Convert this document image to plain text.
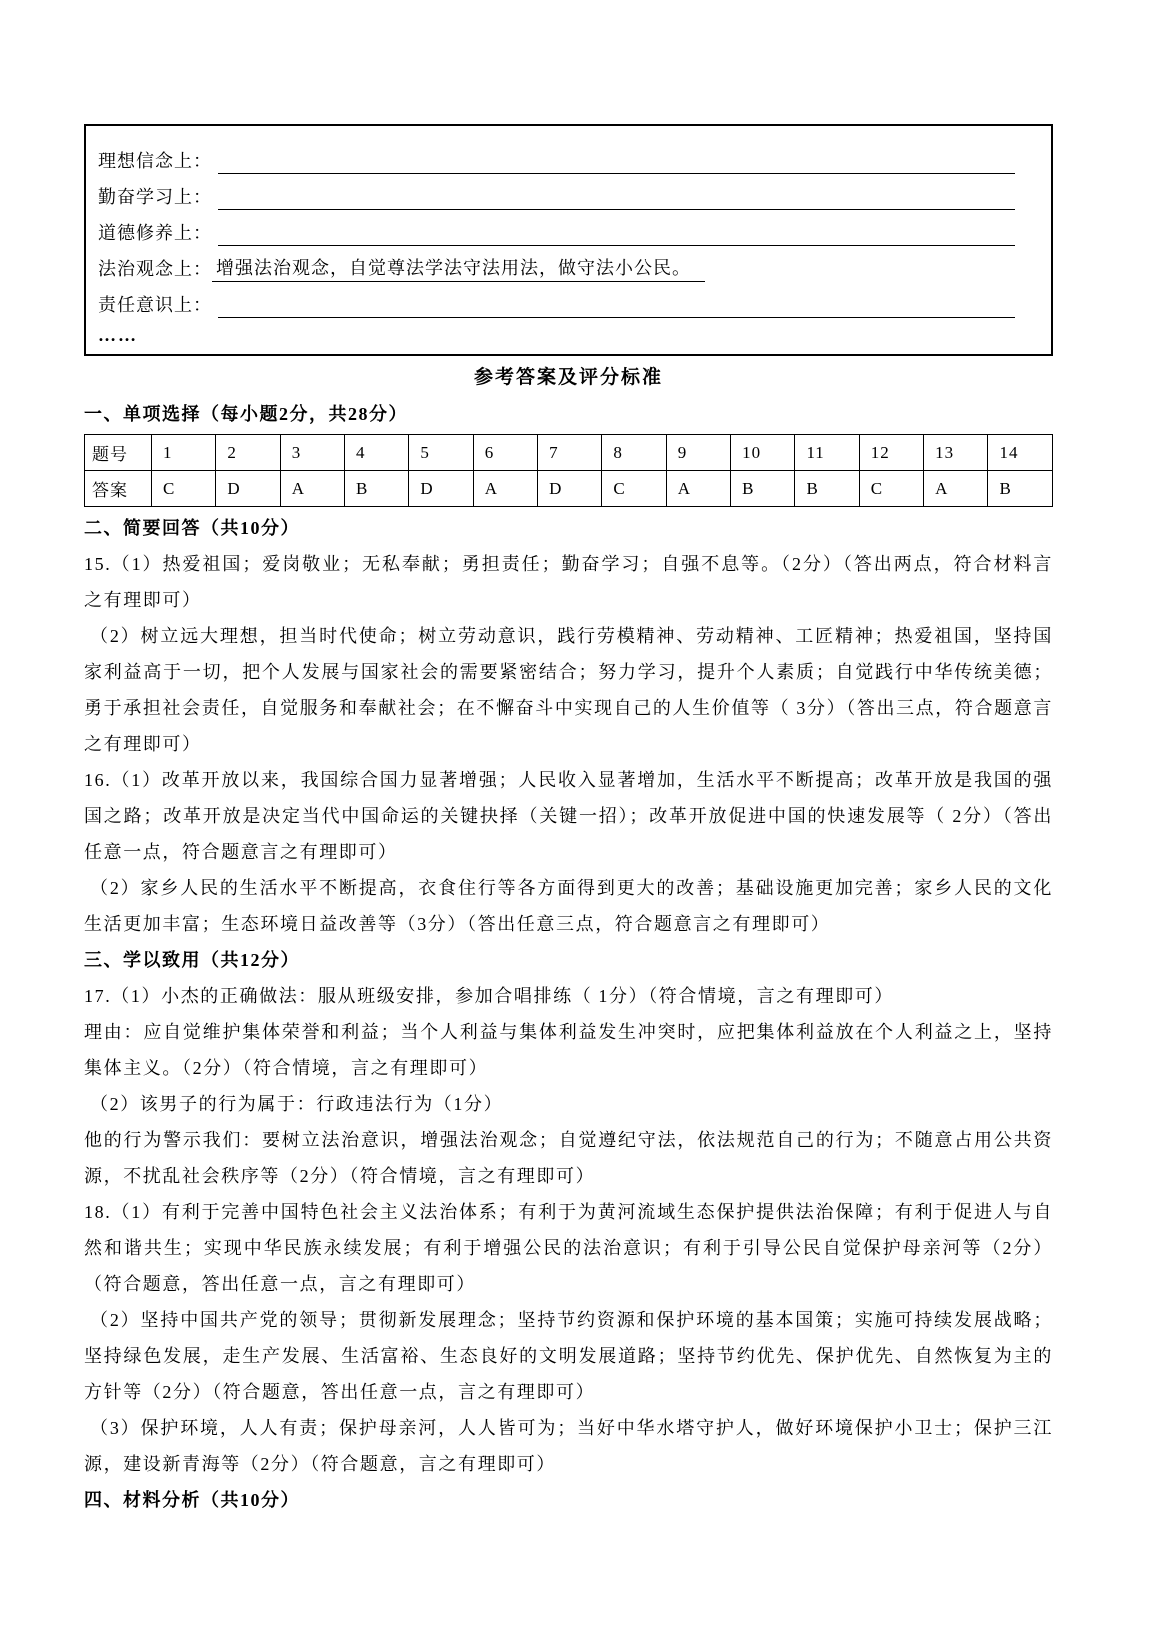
理想信念上：
勤奋学习上：
道德修养上：
法治观念上： 增强法治观念，自觉尊法学法守法用法，做守法小公民。
责任意识上：
……
参考答案及评分标准
一、单项选择（每小题2分，共28分）
题号	1	2	3	4	5	6	7	8	9	10	11	12	13	14
答案	C	D	A	B	D	A	D	C	A	B	B	C	A	B
二、简要回答（共10分）

15.（1）热爱祖国；爱岗敬业；无私奉献；勇担责任；勤奋学习；自强不息等。（2分）（答出两点，符合材料言之有理即可）

（2）树立远大理想，担当时代使命；树立劳动意识，践行劳模精神、劳动精神、工匠精神；热爱祖国，坚持国家利益高于一切，把个人发展与国家社会的需要紧密结合；努力学习，提升个人素质；自觉践行中华传统美德；勇于承担社会责任，自觉服务和奉献社会；在不懈奋斗中实现自己的人生价值等（ 3分）（答出三点，符合题意言之有理即可）

16.（1）改革开放以来，我国综合国力显著增强；人民收入显著增加，生活水平不断提高；改革开放是我国的强国之路；改革开放是决定当代中国命运的关键抉择（关键一招）；改革开放促进中国的快速发展等（ 2分）（答出任意一点，符合题意言之有理即可）

（2）家乡人民的生活水平不断提高，衣食住行等各方面得到更大的改善；基础设施更加完善；家乡人民的文化生活更加丰富；生态环境日益改善等（3分）（答出任意三点，符合题意言之有理即可）

三、学以致用（共12分）

17.（1）小杰的正确做法：服从班级安排，参加合唱排练（ 1分）（符合情境，言之有理即可）

理由：应自觉维护集体荣誉和利益；当个人利益与集体利益发生冲突时，应把集体利益放在个人利益之上，坚持集体主义。（2分）（符合情境，言之有理即可）

（2）该男子的行为属于：行政违法行为（1分）

他的行为警示我们：要树立法治意识，增强法治观念；自觉遵纪守法，依法规范自己的行为；不随意占用公共资源，不扰乱社会秩序等（2分）（符合情境，言之有理即可）

18.（1）有利于完善中国特色社会主义法治体系；有利于为黄河流域生态保护提供法治保障；有利于促进人与自然和谐共生；实现中华民族永续发展；有利于增强公民的法治意识；有利于引导公民自觉保护母亲河等（2分）（符合题意，答出任意一点，言之有理即可）

（2）坚持中国共产党的领导；贯彻新发展理念；坚持节约资源和保护环境的基本国策；实施可持续发展战略；坚持绿色发展，走生产发展、生活富裕、生态良好的文明发展道路；坚持节约优先、保护优先、自然恢复为主的方针等（2分）（符合题意，答出任意一点，言之有理即可）

（3）保护环境，人人有责；保护母亲河，人人皆可为；当好中华水塔守护人，做好环境保护小卫士；保护三江源，建设新青海等（2分）（符合题意，言之有理即可）

四、材料分析（共10分）
